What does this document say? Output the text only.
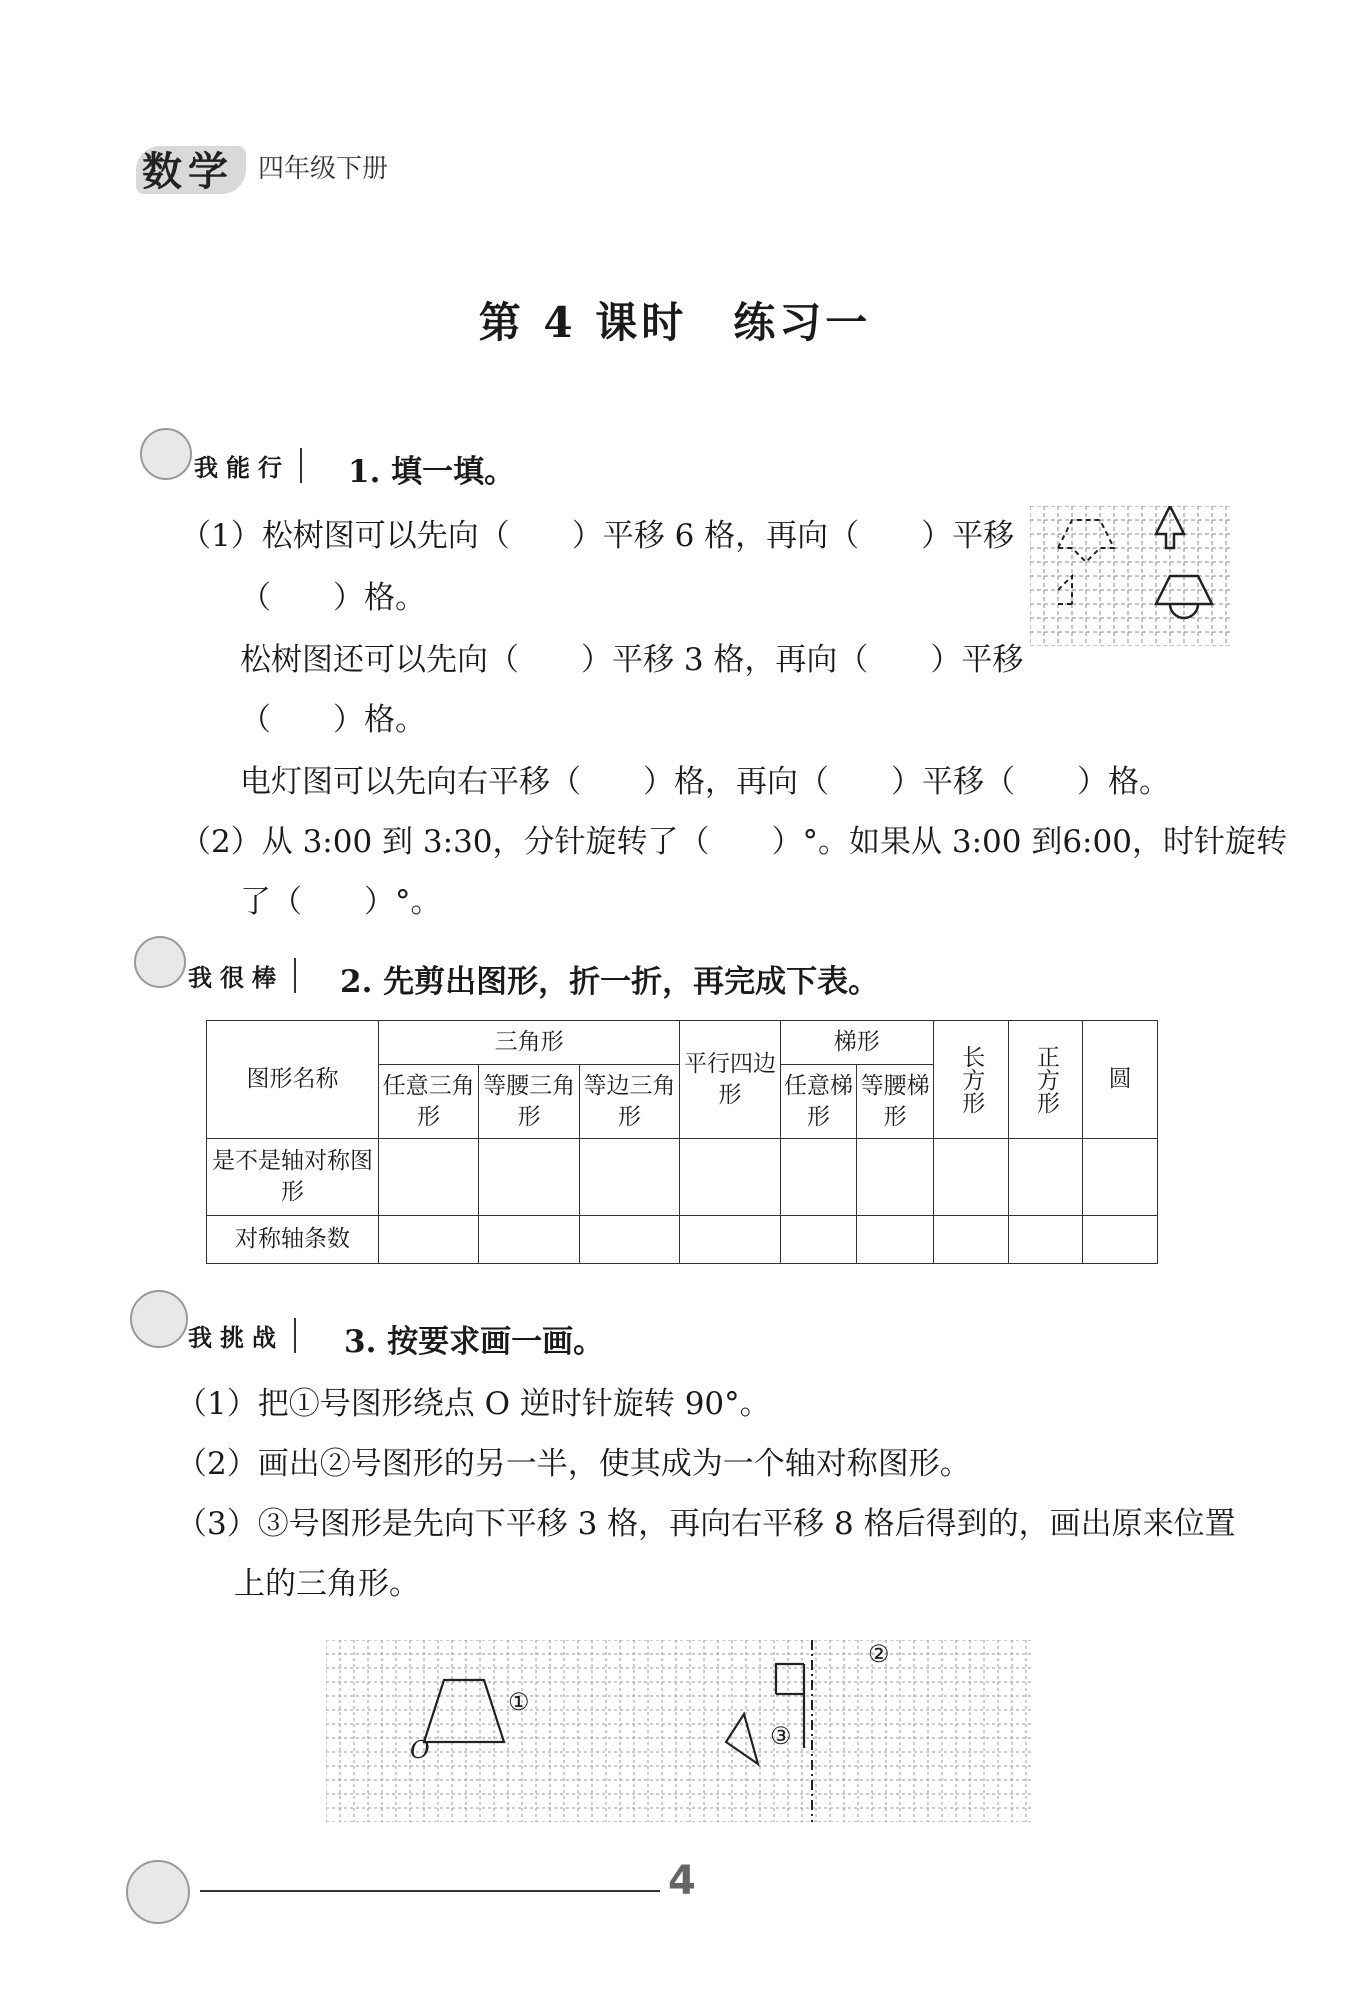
数学 四年级下册
第 4 课时　练习一
我能行	1. 填一填。
（1）松树图可以先向（　　）平移 6 格，再向（　　）平移
（　　）格。
松树图还可以先向（　　）平移 3 格，再向（　　）平移
（　　）格。
电灯图可以先向右平移（　　）格，再向（　　）平移（　　）格。
（2）从 3:00 到 3:30，分针旋转了（　　）°。如果从 3:00 到6:00，时针旋转
了（　　）°。
我很棒	2. 先剪出图形，折一折，再完成下表。
图形名称	三角形			平行四边形	梯形		长方形	正方形	圆
	任意三角形	等腰三角形	等边三角形		任意梯形	等腰梯形			
是不是轴对称图形									
对称轴条数									
我挑战	3. 按要求画一画。
（1）把①号图形绕点 O 逆时针旋转 90°。
（2）画出②号图形的另一半，使其成为一个轴对称图形。
（3）③号图形是先向下平移 3 格，再向右平移 8 格后得到的，画出原来位置
上的三角形。
O
①
②
③
4
